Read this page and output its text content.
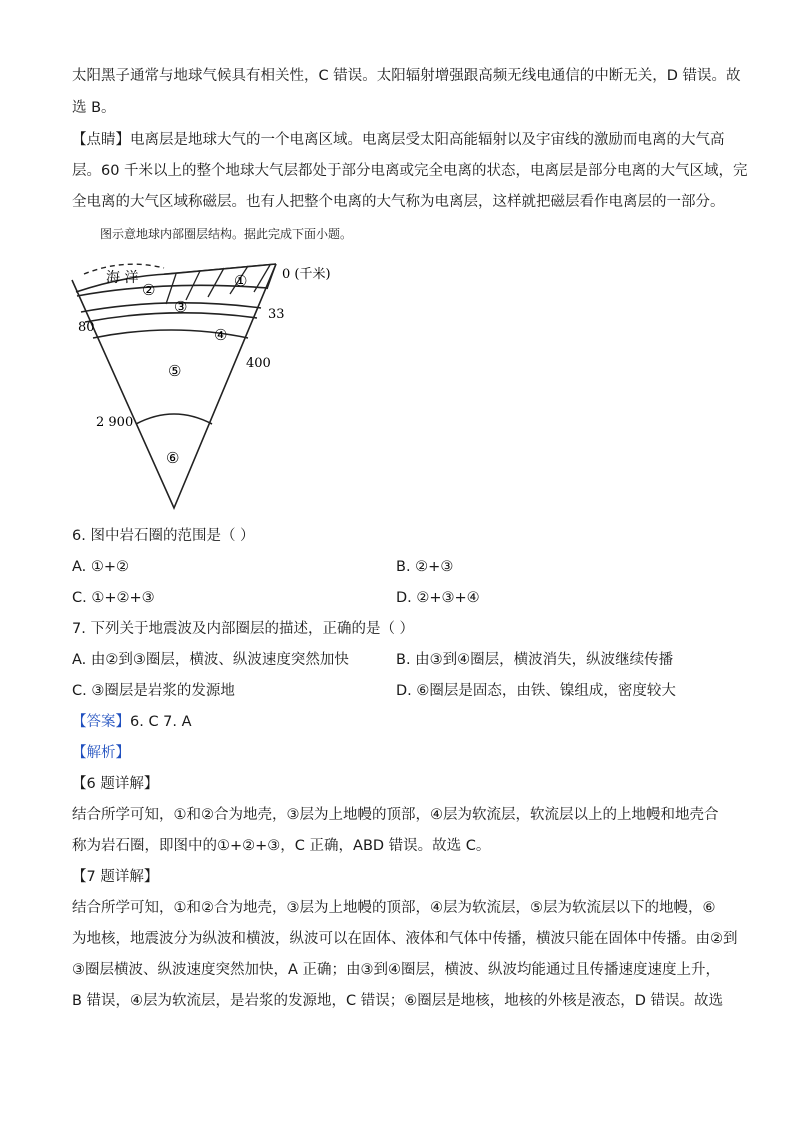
太阳黑子通常与地球气候具有相关性，C 错误。太阳辐射增强跟高频无线电通信的中断无关，D 错误。故
选 B。
【点睛】电离层是地球大气的一个电离区域。电离层受太阳高能辐射以及宇宙线的激励而电离的大气高
层。60 千米以上的整个地球大气层都处于部分电离或完全电离的状态，电离层是部分电离的大气区域，完
全电离的大气区域称磁层。也有人把整个电离的大气称为电离层，这样就把磁层看作电离层的一部分。
图示意地球内部圈层结构。据此完成下面小题。
海 洋	0 (千米)
①
②
③
④
⑤
⑥
33
80
400
2 900
6. 图中岩石圈的范围是（ ）
A. ①+②	B. ②+③
C. ①+②+③	D. ②+③+④
7. 下列关于地震波及内部圈层的描述，正确的是（ ）
A. 由②到③圈层，横波、纵波速度突然加快	B. 由③到④圈层，横波消失，纵波继续传播
C. ③圈层是岩浆的发源地	D. ⑥圈层是固态，由铁、镍组成，密度较大
【答案】6. C 7. A
【解析】
【6 题详解】
结合所学可知，①和②合为地壳，③层为上地幔的顶部，④层为软流层，软流层以上的上地幔和地壳合
称为岩石圈，即图中的①+②+③，C 正确，ABD 错误。故选 C。
【7 题详解】
结合所学可知，①和②合为地壳，③层为上地幔的顶部，④层为软流层，⑤层为软流层以下的地幔，⑥
为地核，地震波分为纵波和横波，纵波可以在固体、液体和气体中传播，横波只能在固体中传播。由②到
③圈层横波、纵波速度突然加快，A 正确；由③到④圈层，横波、纵波均能通过且传播速度速度上升，
B 错误，④层为软流层，是岩浆的发源地，C 错误；⑥圈层是地核，地核的外核是液态，D 错误。故选
